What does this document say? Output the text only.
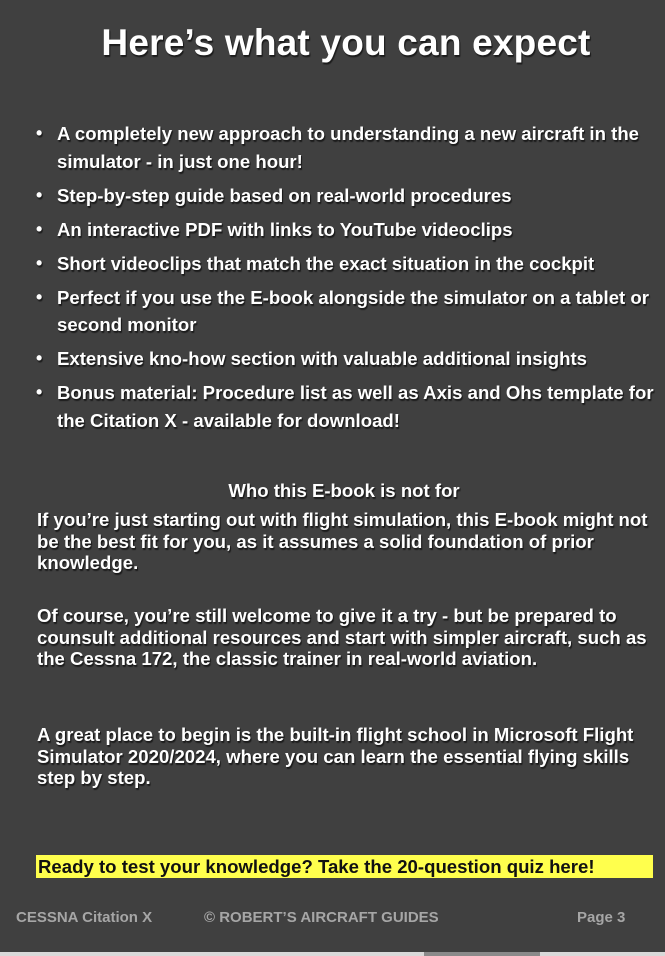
Here’s what you can expect
• A completely new approach to understanding a new aircraft in the simulator - in just one hour!
• Step-by-step guide based on real-world procedures
• An interactive PDF with links to YouTube videoclips
• Short videoclips that match the exact situation in the cockpit
• Perfect if you use the E-book alongside the simulator on a tablet or second monitor
• Extensive kno-how section with valuable additional insights
• Bonus material: Procedure list as well as Axis and Ohs template for the Citation X - available for download!
Who this E-book is not for

If you’re just starting out with flight simulation, this E-book might not be the best fit for you, as it assumes a solid foundation of prior knowledge.

Of course, you’re still welcome to give it a try - but be prepared to counsult additional resources and start with simpler aircraft, such as the Cessna 172, the classic trainer in real-world aviation.

A great place to begin is the built-in flight school in Microsoft Flight Simulator 2020/2024, where you can learn the essential flying skills step by step.

Ready to test your knowledge? Take the 20-question quiz here!
CESSNA Citation X	© ROBERT’S AIRCRAFT GUIDES	Page 3
